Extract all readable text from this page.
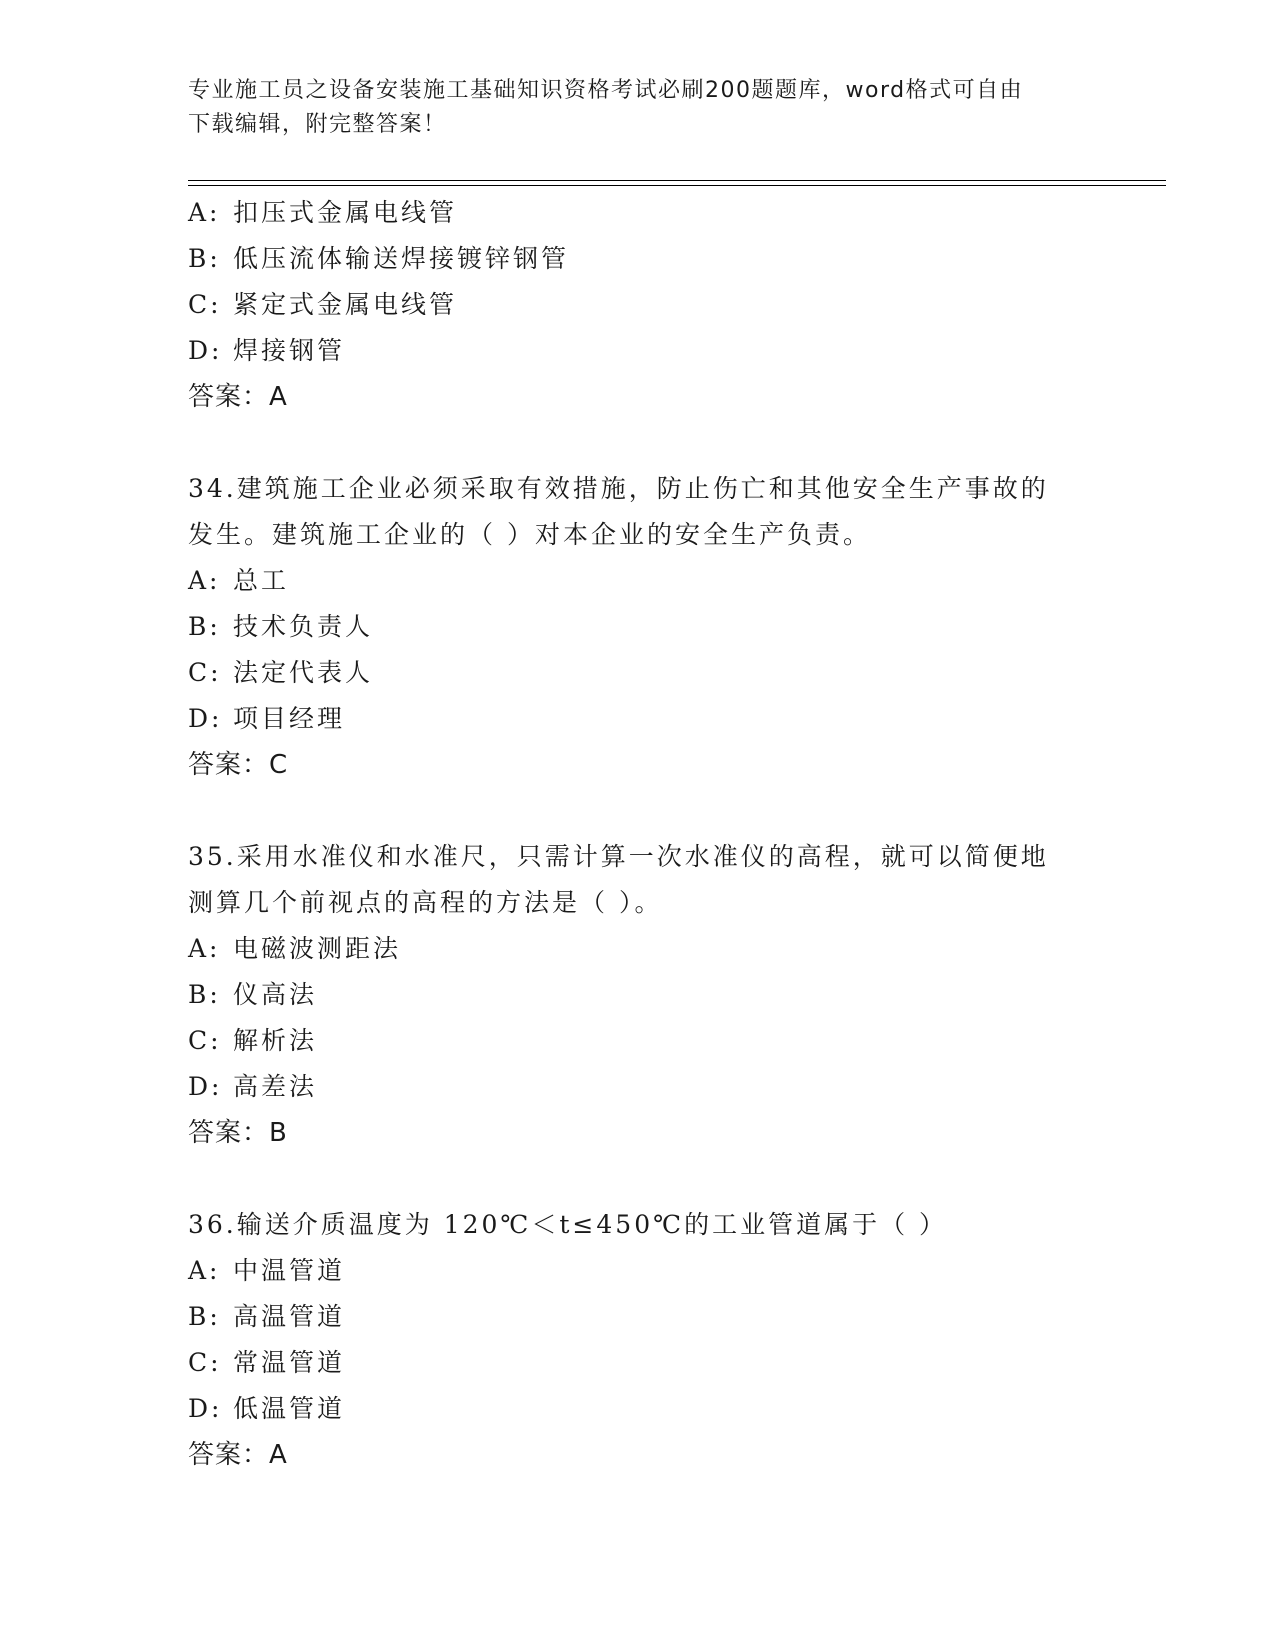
专业施工员之设备安装施工基础知识资格考试必刷200题题库，word格式可自由
下载编辑，附完整答案！
A: 扣压式金属电线管
B: 低压流体输送焊接镀锌钢管
C: 紧定式金属电线管
D: 焊接钢管
答案：A
34.建筑施工企业必须采取有效措施，防止伤亡和其他安全生产事故的
发生。建筑施工企业的（ ）对本企业的安全生产负责。
A: 总工
B: 技术负责人
C: 法定代表人
D: 项目经理
答案：C
35.采用水准仪和水准尺，只需计算一次水准仪的高程，就可以简便地
测算几个前视点的高程的方法是（ ）。
A: 电磁波测距法
B: 仪高法
C: 解析法
D: 高差法
答案：B
36.输送介质温度为 120℃＜t≤450℃的工业管道属于（ ）
A: 中温管道
B: 高温管道
C: 常温管道
D: 低温管道
答案：A
